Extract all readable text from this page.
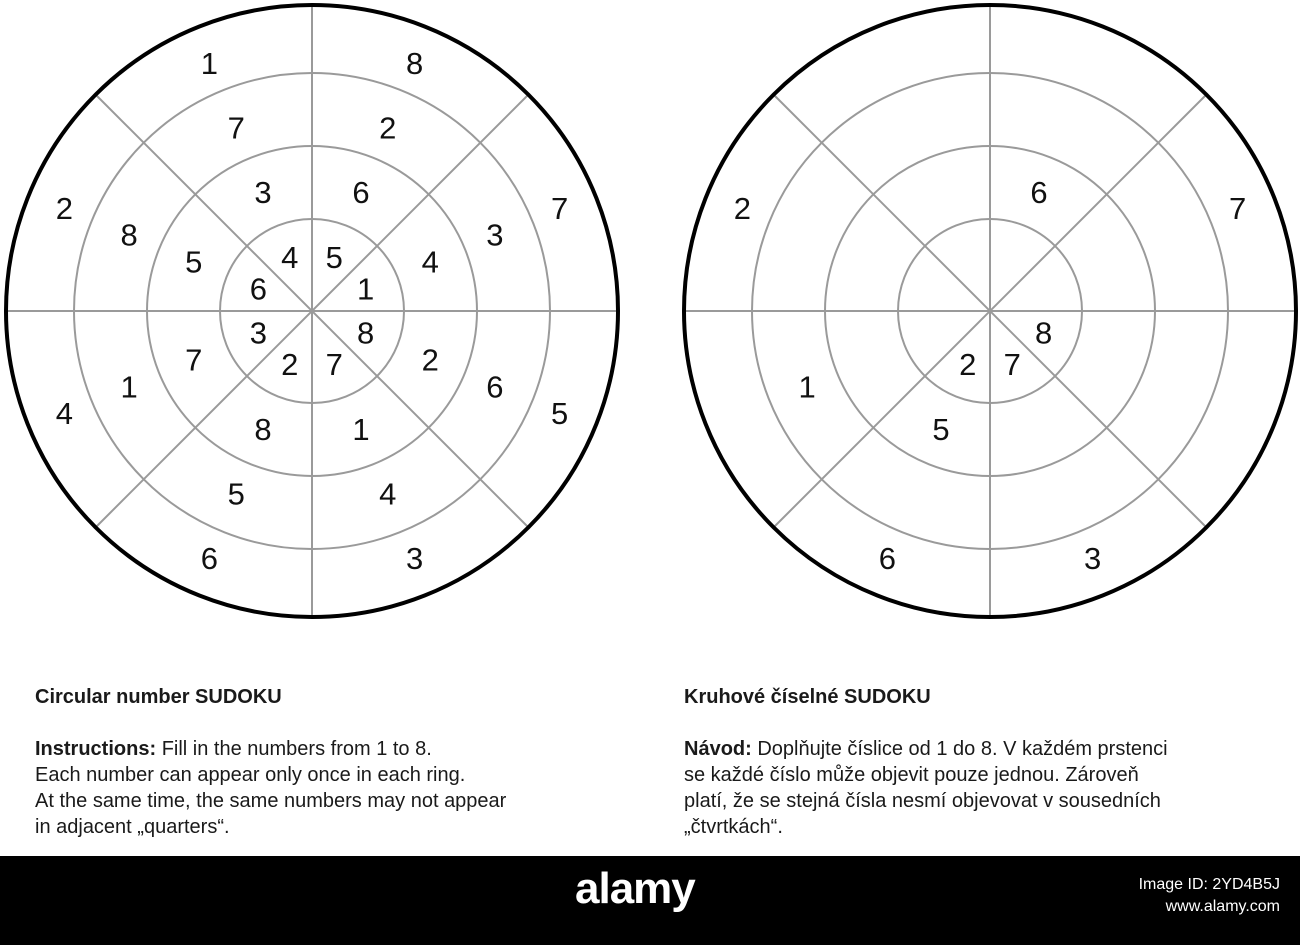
8
7
5
3
6
4
2
1
2
3
6
4
5
1
8
7
6
4
2
1
8
7
5
3
5
1
8
7
2
3
6
4
7
3
6
2
1
6
5
8
7
2

Circular number SUDOKU

Instructions: Fill in the numbers from 1 to 8.

Each number can appear only once in each ring.

At the same time, the same numbers may not appear

in adjacent „quarters“.

Kruhové číselné SUDOKU

Návod: Doplňujte číslice od 1 do 8. V každém prstenci

se každé číslo může objevit pouze jednou. Zároveň

platí, že se stejná čísla nesmí objevovat v sousedních

„čtvrtkách“.

alamy	Image ID: 2YD4B5J
www.alamy.com
